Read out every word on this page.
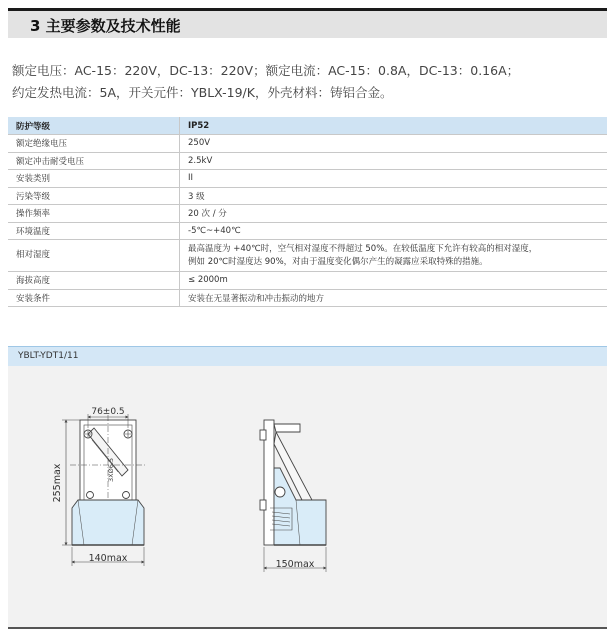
3 主要参数及技术性能
额定电压：AC-15：220V，DC-13：220V；额定电流：AC-15：0.8A，DC-13：0.16A；
约定发热电流：5A，开关元件：YBLX-19/K，外壳材料：铸铝合金。
防护等级	IP52
额定绝缘电压	250V
额定冲击耐受电压	2.5kV
安装类别	II
污染等级	3 级
操作频率	20 次 / 分
环境温度	-5℃~+40℃
相对湿度	最高温度为 +40℃时，空气相对湿度不得超过 50%。在较低温度下允许有较高的相对湿度，
例如 20℃时湿度达 90%，对由于温度变化偶尔产生的凝露应采取特殊的措施。

海拔高度	≤ 2000m
安装条件	安装在无显著振动和冲击振动的地方
YBLT-YDT1/11
76±0.5
3XØ6.5
255max
140max
150max
